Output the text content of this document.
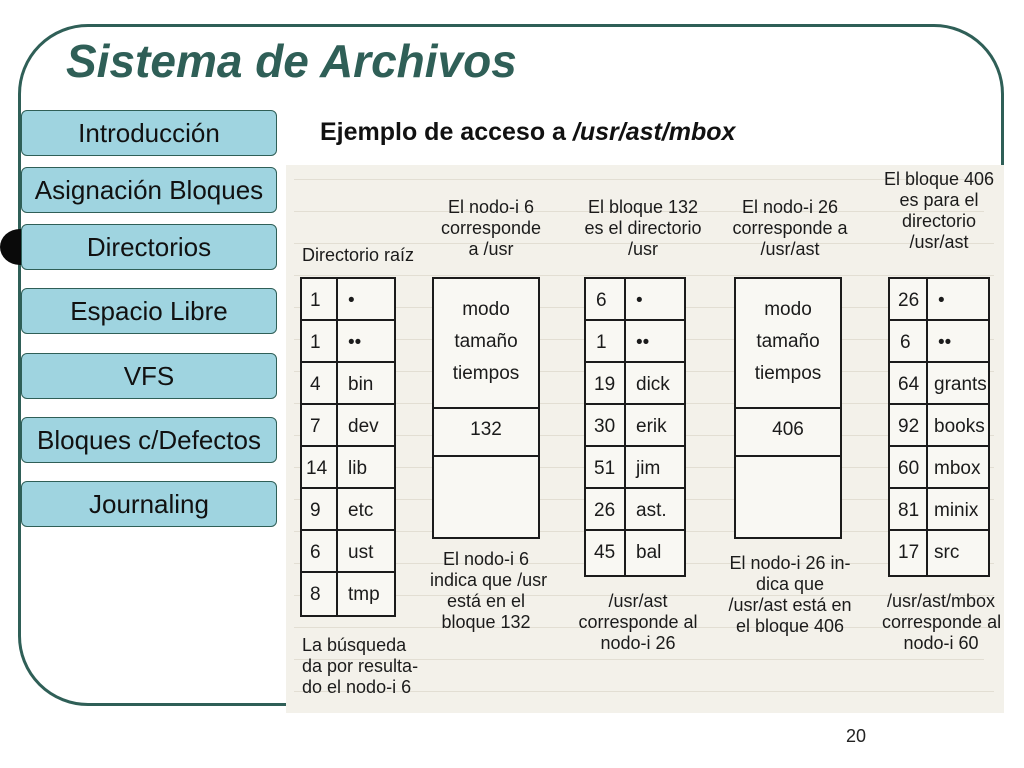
Sistema de Archivos
Introducción
Asignación Bloques
Directorios
Espacio Libre
VFS
Bloques c/Defectos
Journaling
Ejemplo de acceso a /usr/ast/mbox
Directorio raíz
1 •
1 ••
4 bin
7 dev
14 lib
9 etc
6 ust
8 tmp
La búsqueda
da por resulta-
do el nodo-i 6
El nodo-i 6
corresponde
a /usr
modo
tamaño
tiempos
132
El nodo-i 6
indica que /usr
está en el
bloque 132
El bloque 132
es el directorio
/usr
6 •
1 ••
19 dick
30 erik
51 jim
26 ast.
45 bal
/usr/ast
corresponde al
nodo-i 26
El nodo-i 26
corresponde a
/usr/ast
modo
tamaño
tiempos
406
El nodo-i 26 in-
dica que
/usr/ast está en
el bloque 406
El bloque 406
es para el
directorio
/usr/ast
26 •
6 ••
64 grants
92 books
60 mbox
81 minix
17 src
/usr/ast/mbox
corresponde al
nodo-i 60
20
